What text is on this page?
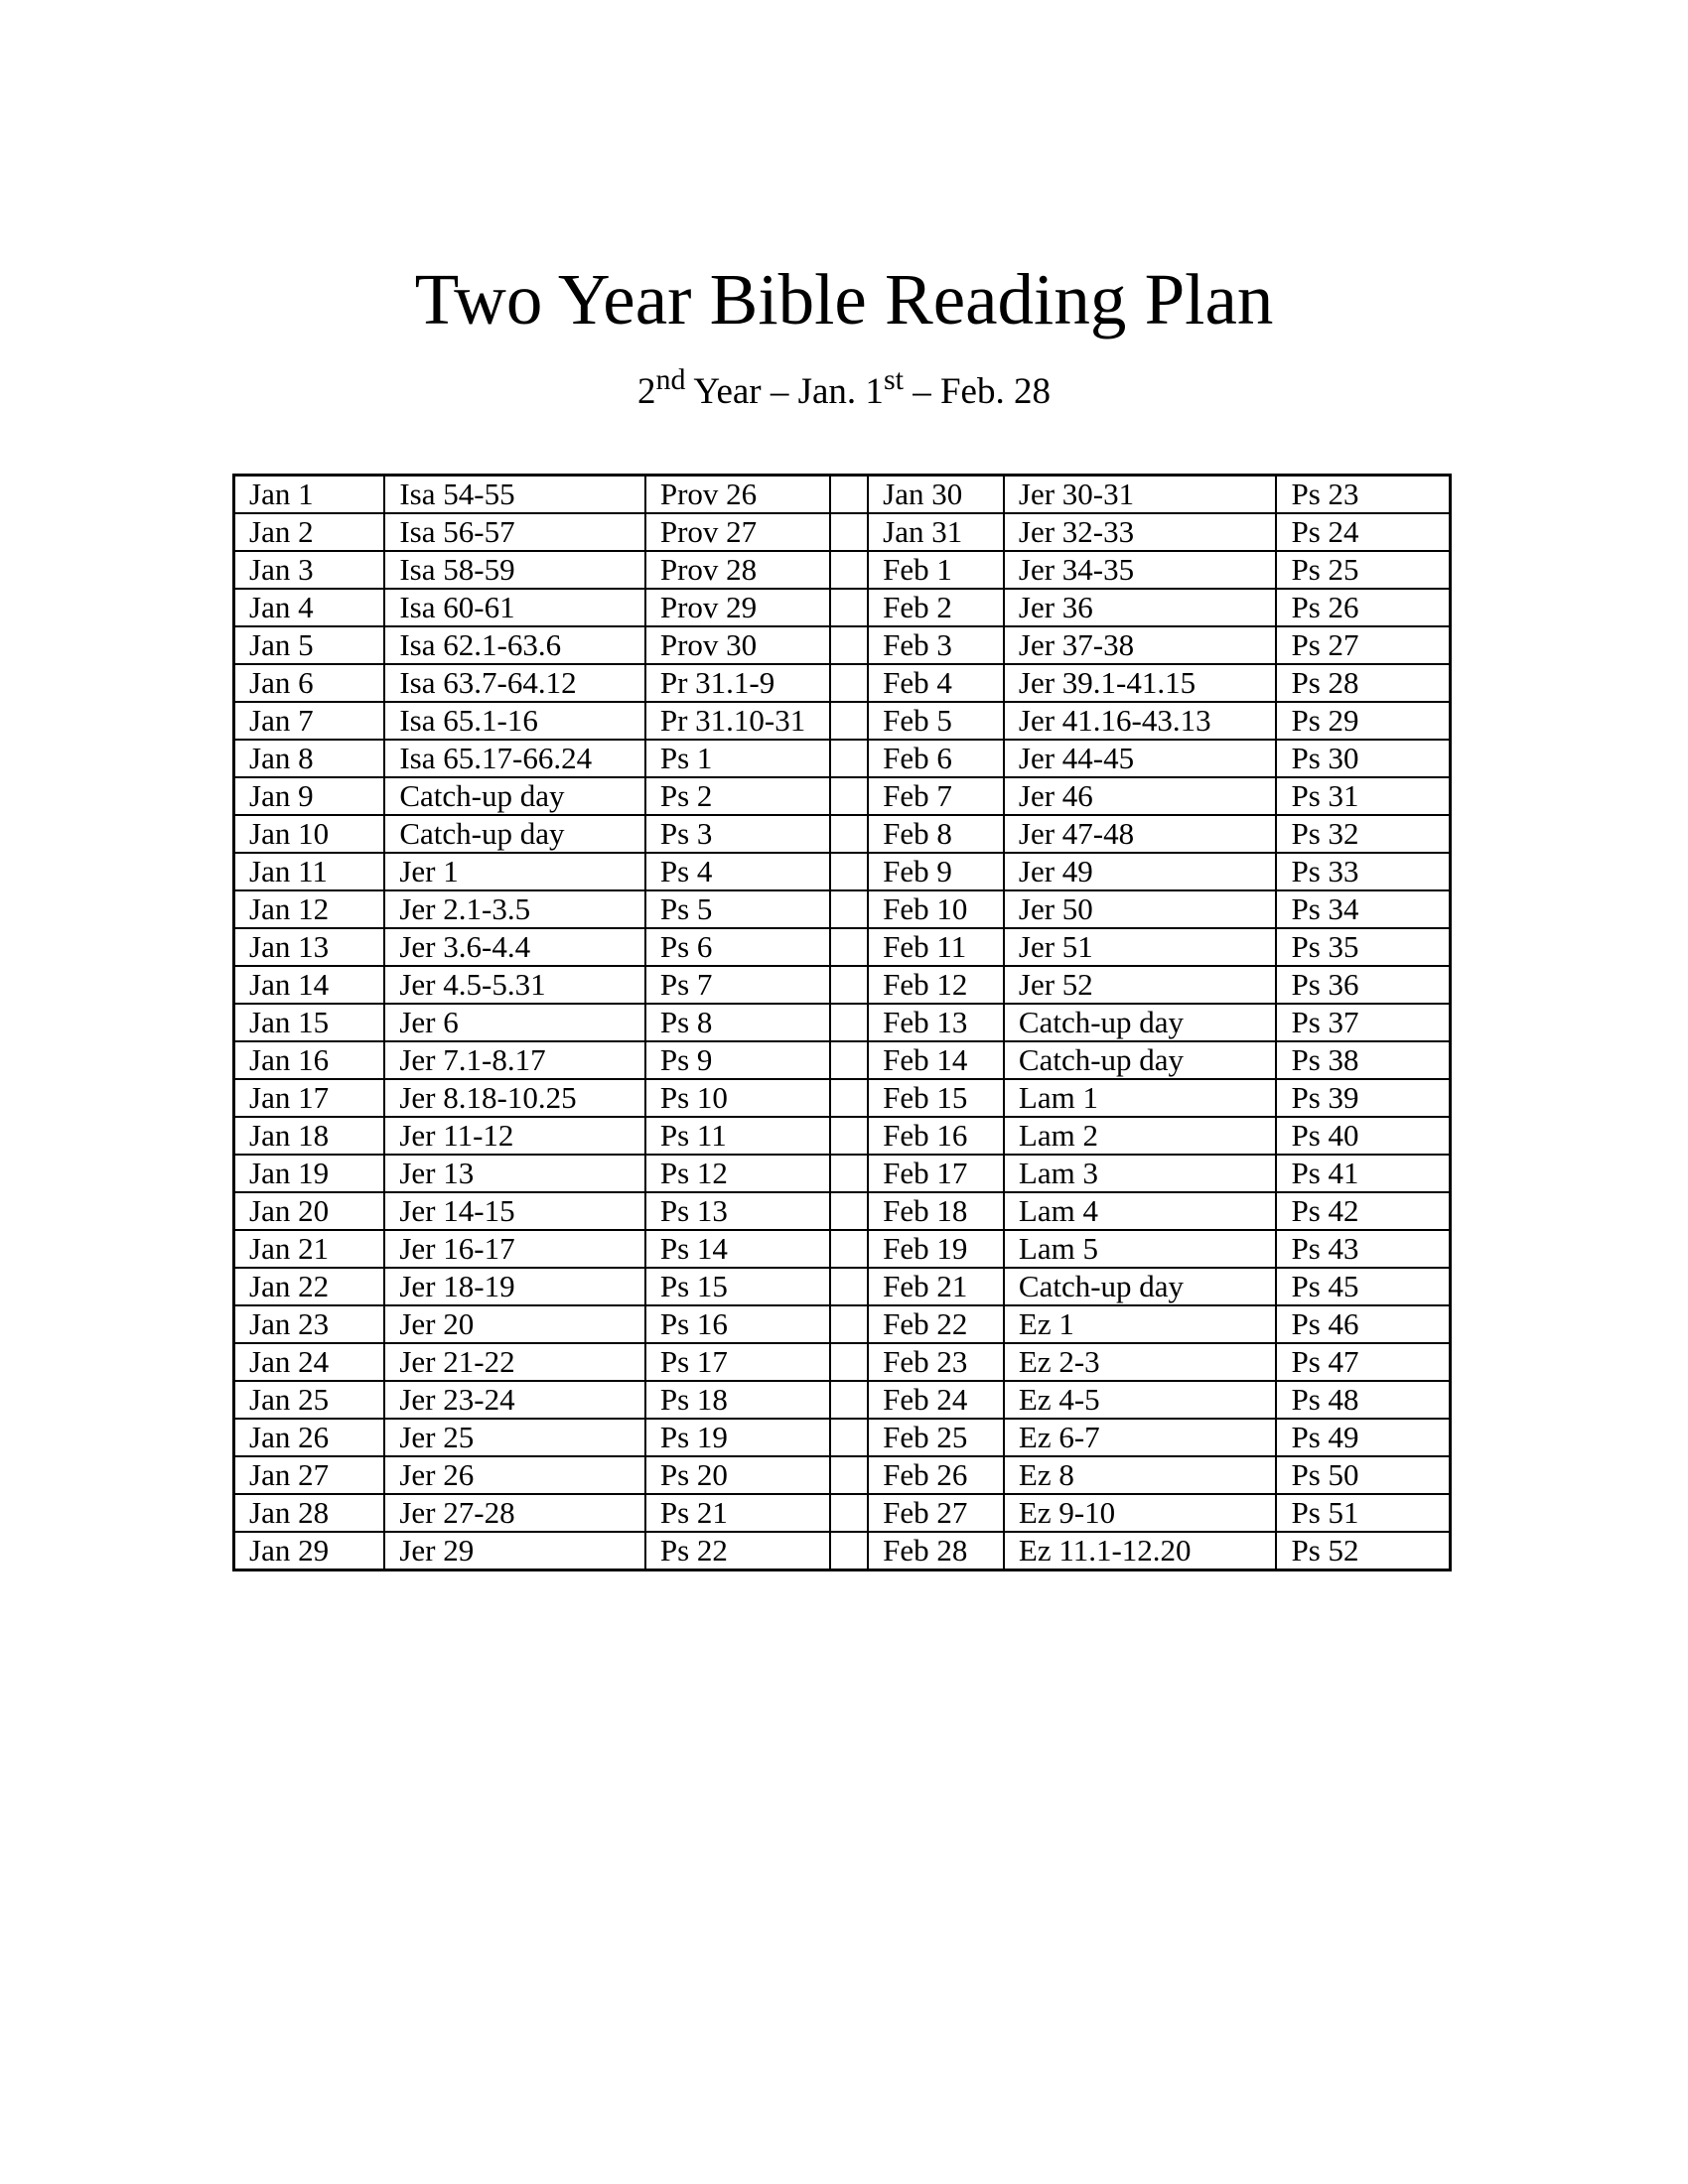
Two Year Bible Reading Plan
2nd Year – Jan. 1st – Feb. 28
Jan 1	Isa 54-55	Prov 26		Jan 30	Jer 30-31	Ps 23
Jan 2	Isa 56-57	Prov 27		Jan 31	Jer 32-33	Ps 24
Jan 3	Isa 58-59	Prov 28		Feb 1	Jer 34-35	Ps 25
Jan 4	Isa 60-61	Prov 29		Feb 2	Jer 36	Ps 26
Jan 5	Isa 62.1-63.6	Prov 30		Feb 3	Jer 37-38	Ps 27
Jan 6	Isa 63.7-64.12	Pr 31.1-9		Feb 4	Jer 39.1-41.15	Ps 28
Jan 7	Isa 65.1-16	Pr 31.10-31		Feb 5	Jer 41.16-43.13	Ps 29
Jan 8	Isa 65.17-66.24	Ps 1		Feb 6	Jer 44-45	Ps 30
Jan 9	Catch-up day	Ps 2		Feb 7	Jer 46	Ps 31
Jan 10	Catch-up day	Ps 3		Feb 8	Jer 47-48	Ps 32
Jan 11	Jer 1	Ps 4		Feb 9	Jer 49	Ps 33
Jan 12	Jer 2.1-3.5	Ps 5		Feb 10	Jer 50	Ps 34
Jan 13	Jer 3.6-4.4	Ps 6		Feb 11	Jer 51	Ps 35
Jan 14	Jer 4.5-5.31	Ps 7		Feb 12	Jer 52	Ps 36
Jan 15	Jer 6	Ps 8		Feb 13	Catch-up day	Ps 37
Jan 16	Jer 7.1-8.17	Ps 9		Feb 14	Catch-up day	Ps 38
Jan 17	Jer 8.18-10.25	Ps 10		Feb 15	Lam 1	Ps 39
Jan 18	Jer 11-12	Ps 11		Feb 16	Lam 2	Ps 40
Jan 19	Jer 13	Ps 12		Feb 17	Lam 3	Ps 41
Jan 20	Jer 14-15	Ps 13		Feb 18	Lam 4	Ps 42
Jan 21	Jer 16-17	Ps 14		Feb 19	Lam 5	Ps 43
Jan 22	Jer 18-19	Ps 15		Feb 21	Catch-up day	Ps 45
Jan 23	Jer 20	Ps 16		Feb 22	Ez 1	Ps 46
Jan 24	Jer 21-22	Ps 17		Feb 23	Ez 2-3	Ps 47
Jan 25	Jer 23-24	Ps 18		Feb 24	Ez 4-5	Ps 48
Jan 26	Jer 25	Ps 19		Feb 25	Ez 6-7	Ps 49
Jan 27	Jer 26	Ps 20		Feb 26	Ez 8	Ps 50
Jan 28	Jer 27-28	Ps 21		Feb 27	Ez 9-10	Ps 51
Jan 29	Jer 29	Ps 22		Feb 28	Ez 11.1-12.20	Ps 52
